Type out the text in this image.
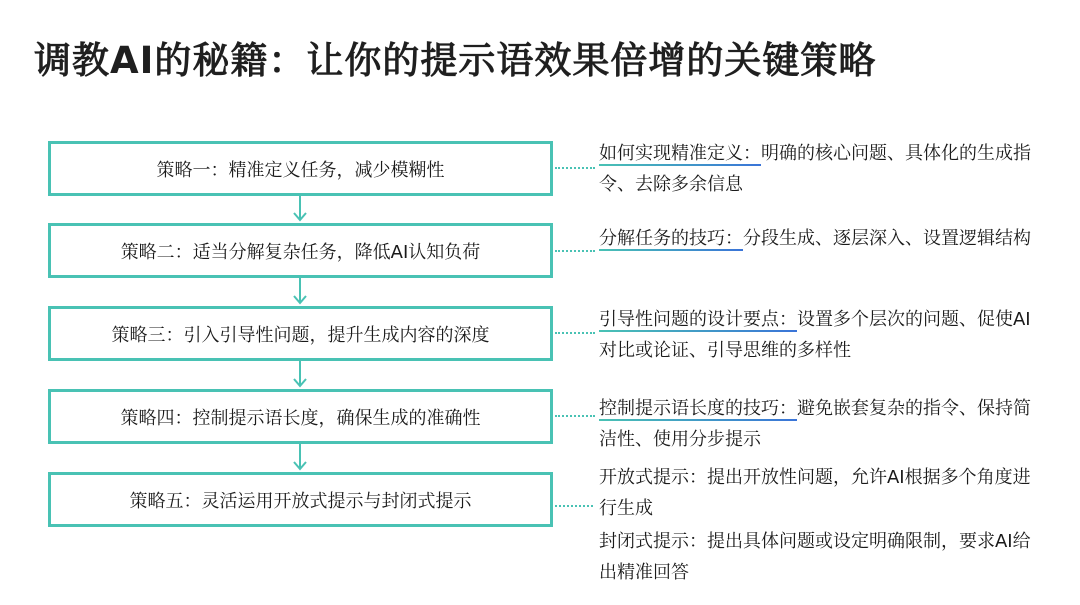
调教AI的秘籍：让你的提示语效果倍增的关键策略
策略一：精准定义任务，减少模糊性
策略二：适当分解复杂任务，降低AI认知负荷
策略三：引入引导性问题，提升生成内容的深度
策略四：控制提示语长度，确保生成的准确性
策略五：灵活运用开放式提示与封闭式提示

如何实现精准定义：明确的核心问题、具体化的生成指令、去除多余信息

分解任务的技巧：分段生成、逐层深入、设置逻辑结构

引导性问题的设计要点：设置多个层次的问题、促使AI对比或论证、引导思维的多样性

控制提示语长度的技巧：避免嵌套复杂的指令、保持简洁性、使用分步提示

开放式提示：提出开放性问题，允许AI根据多个角度进行生成

封闭式提示：提出具体问题或设定明确限制，要求AI给出精准回答
